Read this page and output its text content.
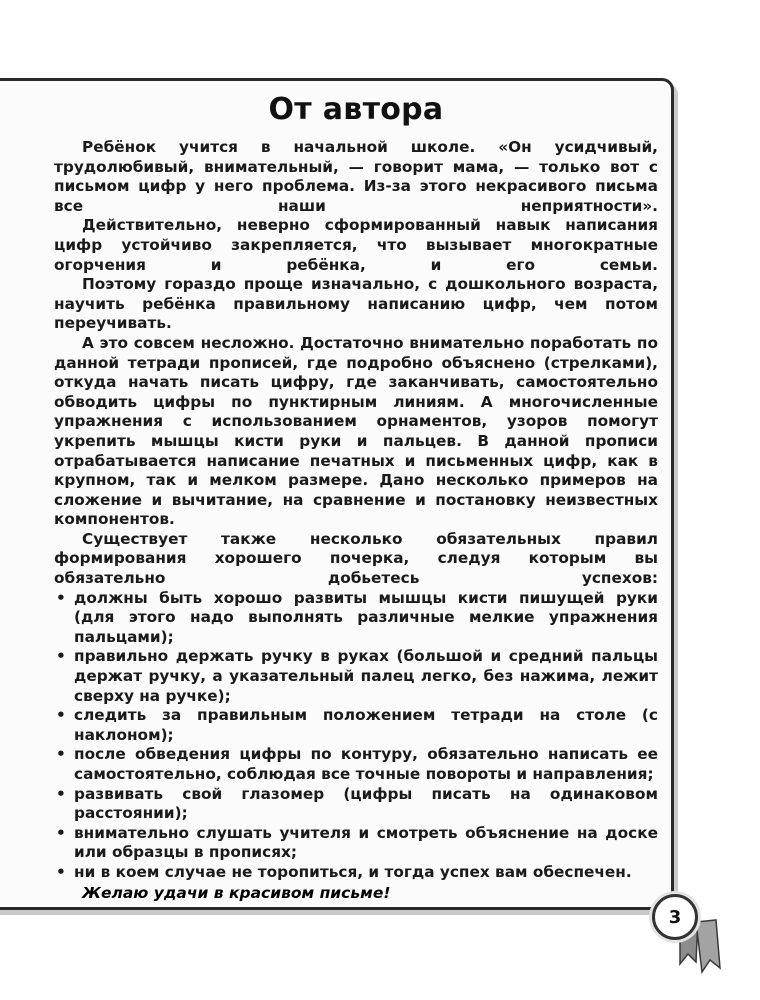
От автора

Ребёнок учится в начальной школе. «Он усидчивый, трудолюбивый, внимательный, — говорит мама, — только вот с письмом цифр у него проблема. Из-за этого некрасивого письма все наши неприятности».

Действительно, неверно сформированный навык написания цифр устойчиво закрепляется, что вызывает многократные огорчения и ребёнка, и его семьи.

Поэтому гораздо проще изначально, с дошкольного возраста, научить ребёнка правильному написанию цифр, чем потом переучивать.

А это совсем несложно. Достаточно внимательно поработать по данной тетради прописей, где подробно объяснено (стрелками), откуда начать писать цифру, где заканчивать, самостоятельно обводить цифры по пунктирным линиям. А многочисленные упражнения с использованием орнаментов, узоров помогут укрепить мышцы кисти руки и пальцев. В данной прописи отрабатывается написание печатных и письменных цифр, как в крупном, так и мелком размере. Дано несколько примеров на сложение и вычитание, на сравнение и постановку неизвестных компонентов.

Существует также несколько обязательных правил формирования хорошего почерка, следуя которым вы обязательно добьетесь успехов:

• должны быть хорошо развиты мышцы кисти пишущей руки (для этого надо выполнять различные мелкие упражнения пальцами);
• правильно держать ручку в руках (большой и средний пальцы держат ручку, а указательный палец легко, без нажима, лежит сверху на ручке);
• следить за правильным положением тетради на столе (с наклоном);
• после обведения цифры по контуру, обязательно написать ее самостоятельно, соблюдая все точные повороты и направления;
• развивать свой глазомер (цифры писать на одинаковом расстоянии);
• внимательно слушать учителя и смотреть объяснение на доске или образцы в прописях;
• ни в коем случае не торопиться, и тогда успех вам обеспечен.

Желаю удачи в красивом письме!

3
